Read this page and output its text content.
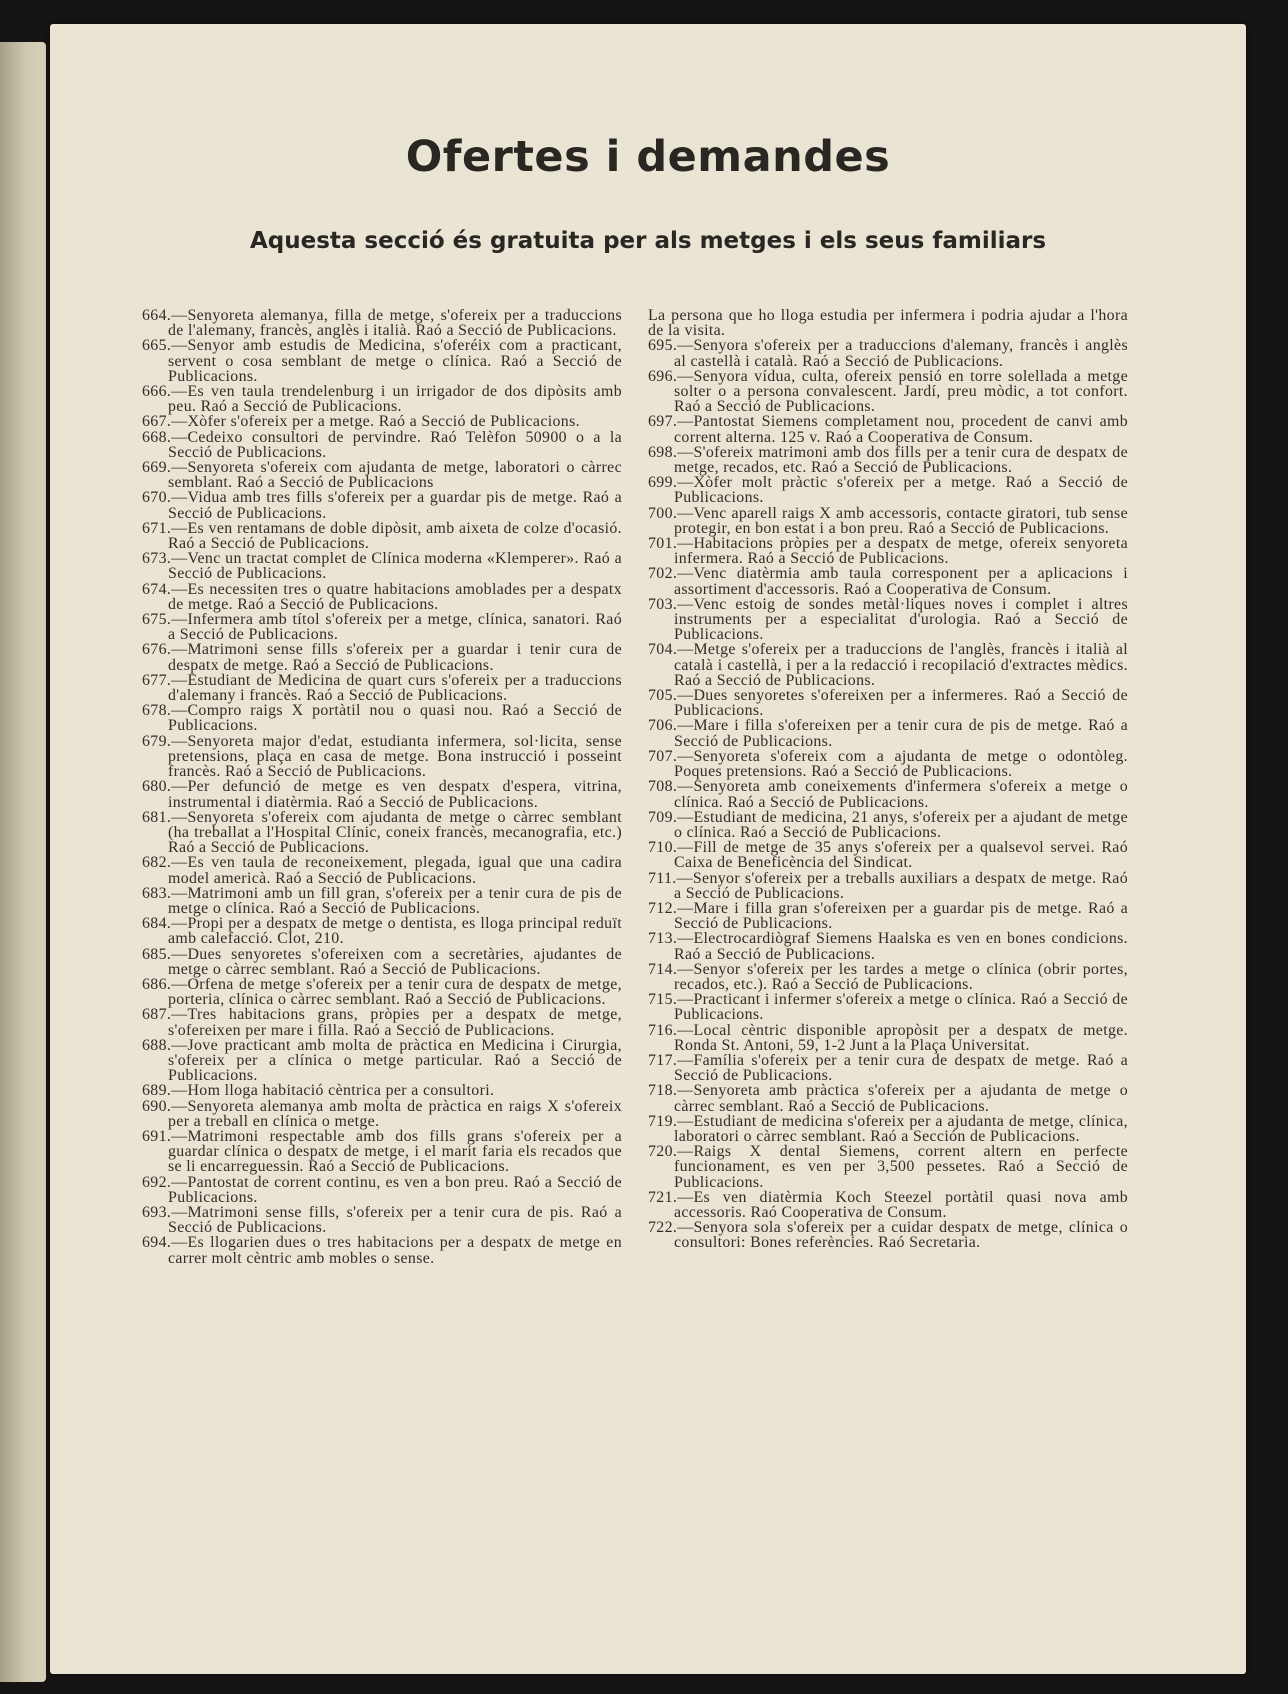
Ofertes i demandes
Aquesta secció és gratuita per als metges i els seus familiars

664.—Senyoreta alemanya, filla de metge, s'ofereix per a traduccions de l'alemany, francès, anglès i italià. Raó a Secció de Publicacions.

665.—Senyor amb estudis de Medicina, s'oferéix com a practicant, servent o cosa semblant de metge o clínica. Raó a Secció de Publicacions.

666.—Es ven taula trendelenburg i un irrigador de dos dipòsits amb peu. Raó a Secció de Publicacions.

667.—Xòfer s'ofereix per a metge. Raó a Secció de Publicacions.

668.—Cedeixo consultori de pervindre. Raó Telèfon 50900 o a la Secció de Publicacions.

669.—Senyoreta s'ofereix com ajudanta de metge, laboratori o càrrec semblant. Raó a Secció de Publicacions

670.—Vidua amb tres fills s'ofereix per a guardar pis de metge. Raó a Secció de Publicacions.

671.—Es ven rentamans de doble dipòsit, amb aixeta de colze d'ocasió. Raó a Secció de Publicacions.

673.—Venc un tractat complet de Clínica moderna «Klemperer». Raó a Secció de Publicacions.

674.—Es necessiten tres o quatre habitacions amoblades per a despatx de metge. Raó a Secció de Publicacions.

675.—Infermera amb títol s'ofereix per a metge, clínica, sanatori. Raó a Secció de Publicacions.

676.—Matrimoni sense fills s'ofereix per a guardar i tenir cura de despatx de metge. Raó a Secció de Publicacions.

677.—Estudiant de Medicina de quart curs s'ofereix per a traduccions d'alemany i francès. Raó a Secció de Publicacions.

678.—Compro raigs X portàtil nou o quasi nou. Raó a Secció de Publicacions.

679.—Senyoreta major d'edat, estudianta infermera, sol·licita, sense pretensions, plaça en casa de metge. Bona instrucció i posseint francès. Raó a Secció de Publicacions.

680.—Per defunció de metge es ven despatx d'espera, vitrina, instrumental i diatèrmia. Raó a Secció de Publicacions.

681.—Senyoreta s'ofereix com ajudanta de metge o càrrec semblant (ha treballat a l'Hospital Clínic, coneix francès, mecanografia, etc.) Raó a Secció de Publicacions.

682.—Es ven taula de reconeixement, plegada, igual que una cadira model americà. Raó a Secció de Publicacions.

683.—Matrimoni amb un fill gran, s'ofereix per a tenir cura de pis de metge o clínica. Raó a Secció de Publicacions.

684.—Propi per a despatx de metge o dentista, es lloga principal reduït amb calefacció. Clot, 210.

685.—Dues senyoretes s'ofereixen com a secretàries, ajudantes de metge o càrrec semblant. Raó a Secció de Publicacions.

686.—Orfena de metge s'ofereix per a tenir cura de despatx de metge, porteria, clínica o càrrec semblant. Raó a Secció de Publicacions.

687.—Tres habitacions grans, pròpies per a despatx de metge, s'ofereixen per mare i filla. Raó a Secció de Publicacions.

688.—Jove practicant amb molta de pràctica en Medicina i Cirurgia, s'ofereix per a clínica o metge particular. Raó a Secció de Publicacions.

689.—Hom lloga habitació cèntrica per a consultori.

690.—Senyoreta alemanya amb molta de pràctica en raigs X s'ofereix per a treball en clínica o metge.

691.—Matrimoni respectable amb dos fills grans s'ofereix per a guardar clínica o despatx de metge, i el marit faria els recados que se li encarreguessin. Raó a Secció de Publicacions.

692.—Pantostat de corrent continu, es ven a bon preu. Raó a Secció de Publicacions.

693.—Matrimoni sense fills, s'ofereix per a tenir cura de pis. Raó a Secció de Publicacions.

694.—Es llogarien dues o tres habitacions per a despatx de metge en carrer molt cèntric amb mobles o sense.

La persona que ho lloga estudia per infermera i podria ajudar a l'hora de la visita.

695.—Senyora s'ofereix per a traduccions d'alemany, francès i anglès al castellà i català. Raó a Secció de Publicacions.

696.—Senyora vídua, culta, ofereix pensió en torre solellada a metge solter o a persona convalescent. Jardí, preu mòdic, a tot confort. Raó a Secció de Publicacions.

697.—Pantostat Siemens completament nou, procedent de canvi amb corrent alterna. 125 v. Raó a Cooperativa de Consum.

698.—S'ofereix matrimoni amb dos fills per a tenir cura de despatx de metge, recados, etc. Raó a Secció de Publicacions.

699.—Xòfer molt pràctic s'ofereix per a metge. Raó a Secció de Publicacions.

700.—Venc aparell raigs X amb accessoris, contacte giratori, tub sense protegir, en bon estat i a bon preu. Raó a Secció de Publicacions.

701.—Habitacions pròpies per a despatx de metge, ofereix senyoreta infermera. Raó a Secció de Publicacions.

702.—Venc diatèrmia amb taula corresponent per a aplicacions i assortiment d'accessoris. Raó a Cooperativa de Consum.

703.—Venc estoig de sondes metàl·liques noves i complet i altres instruments per a especialitat d'urologia. Raó a Secció de Publicacions.

704.—Metge s'ofereix per a traduccions de l'anglès, francès i italià al català i castellà, i per a la redacció i recopilació d'extractes mèdics. Raó a Secció de Publicacions.

705.—Dues senyoretes s'ofereixen per a infermeres. Raó a Secció de Publicacions.

706.—Mare i filla s'ofereixen per a tenir cura de pis de metge. Raó a Secció de Publicacions.

707.—Senyoreta s'ofereix com a ajudanta de metge o odontòleg. Poques pretensions. Raó a Secció de Publicacions.

708.—Senyoreta amb coneixements d'infermera s'ofereix a metge o clínica. Raó a Secció de Publicacions.

709.—Estudiant de medicina, 21 anys, s'ofereix per a ajudant de metge o clínica. Raó a Secció de Publicacions.

710.—Fill de metge de 35 anys s'ofereix per a qualsevol servei. Raó Caixa de Beneficència del Sindicat.

711.—Senyor s'ofereix per a treballs auxiliars a despatx de metge. Raó a Secció de Publicacions.

712.—Mare i filla gran s'ofereixen per a guardar pis de metge. Raó a Secció de Publicacions.

713.—Electrocardiògraf Siemens Haalska es ven en bones condicions. Raó a Secció de Publicacions.

714.—Senyor s'ofereix per les tardes a metge o clínica (obrir portes, recados, etc.). Raó a Secció de Publicacions.

715.—Practicant i infermer s'ofereix a metge o clínica. Raó a Secció de Publicacions.

716.—Local cèntric disponible apropòsit per a despatx de metge. Ronda St. Antoni, 59, 1-2 Junt a la Plaça Universitat.

717.—Família s'ofereix per a tenir cura de despatx de metge. Raó a Secció de Publicacions.

718.—Senyoreta amb pràctica s'ofereix per a ajudanta de metge o càrrec semblant. Raó a Secció de Publicacions.

719.—Estudiant de medicina s'ofereix per a ajudanta de metge, clínica, laboratori o càrrec semblant. Raó a Sección de Publicacions.

720.—Raigs X dental Siemens, corrent altern en perfecte funcionament, es ven per 3,500 pessetes. Raó a Secció de Publicacions.

721.—Es ven diatèrmia Koch Steezel portàtil quasi nova amb accessoris. Raó Cooperativa de Consum.

722.—Senyora sola s'ofereix per a cuidar despatx de metge, clínica o consultori: Bones referències. Raó Secretaria.
